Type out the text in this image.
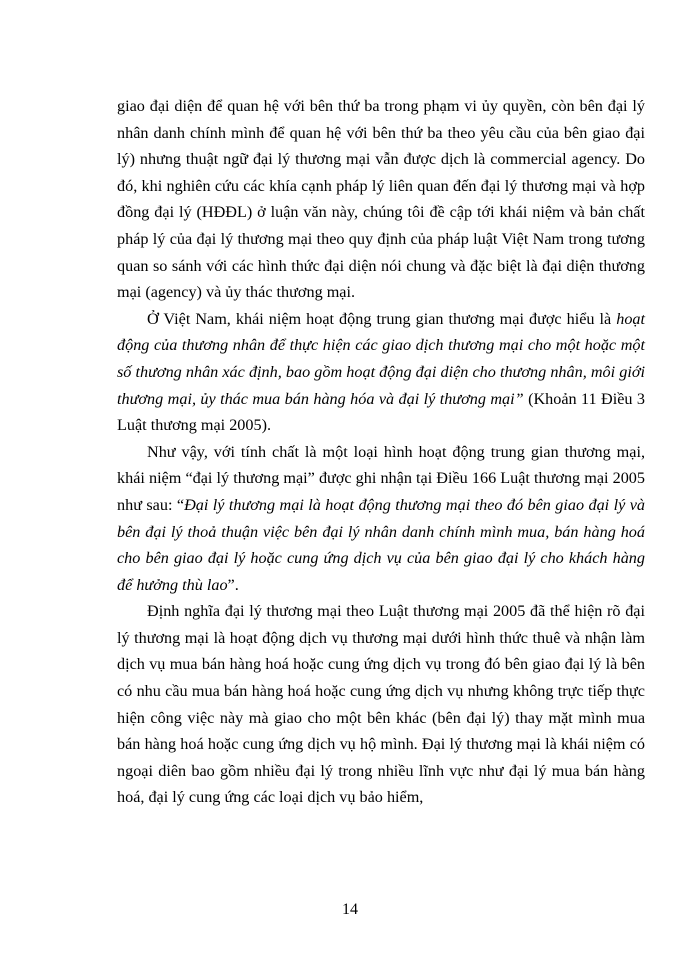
giao đại diện để quan hệ với bên thứ ba trong phạm vi ủy quyền, còn bên đại lý nhân danh chính mình để quan hệ với bên thứ ba theo yêu cầu của bên giao đại lý) nhưng thuật ngữ đại lý thương mại vẫn được dịch là commercial agency. Do đó, khi nghiên cứu các khía cạnh pháp lý liên quan đến đại lý thương mại và hợp đồng đại lý (HĐĐL) ở luận văn này, chúng tôi đề cập tới khái niệm và bản chất pháp lý của đại lý thương mại theo quy định của pháp luật Việt Nam trong tương quan so sánh với các hình thức đại diện nói chung và đặc biệt là đại diện thương mại (agency) và ủy thác thương mại.

Ở Việt Nam, khái niệm hoạt động trung gian thương mại được hiểu là hoạt động của thương nhân để thực hiện các giao dịch thương mại cho một hoặc một số thương nhân xác định, bao gồm hoạt động đại diện cho thương nhân, môi giới thương mại, ủy thác mua bán hàng hóa và đại lý thương mại” (Khoản 11 Điều 3 Luật thương mại 2005).

Như vậy, với tính chất là một loại hình hoạt động trung gian thương mại, khái niệm “đại lý thương mại” được ghi nhận tại Điều 166 Luật thương mại 2005 như sau: “Đại lý thương mại là hoạt động thương mại theo đó bên giao đại lý và bên đại lý thoả thuận việc bên đại lý nhân danh chính mình mua, bán hàng hoá cho bên giao đại lý hoặc cung ứng dịch vụ của bên giao đại lý cho khách hàng để hưởng thù lao”.

Định nghĩa đại lý thương mại theo Luật thương mại 2005 đã thể hiện rõ đại lý thương mại là hoạt động dịch vụ thương mại dưới hình thức thuê và nhận làm dịch vụ mua bán hàng hoá hoặc cung ứng dịch vụ trong đó bên giao đại lý là bên có nhu cầu mua bán hàng hoá hoặc cung ứng dịch vụ nhưng không trực tiếp thực hiện công việc này mà giao cho một bên khác (bên đại lý) thay mặt mình mua bán hàng hoá hoặc cung ứng dịch vụ hộ mình. Đại lý thương mại là khái niệm có ngoại diên bao gồm nhiều đại lý trong nhiều lĩnh vực như đại lý mua bán hàng hoá, đại lý cung ứng các loại dịch vụ bảo hiểm,

14
